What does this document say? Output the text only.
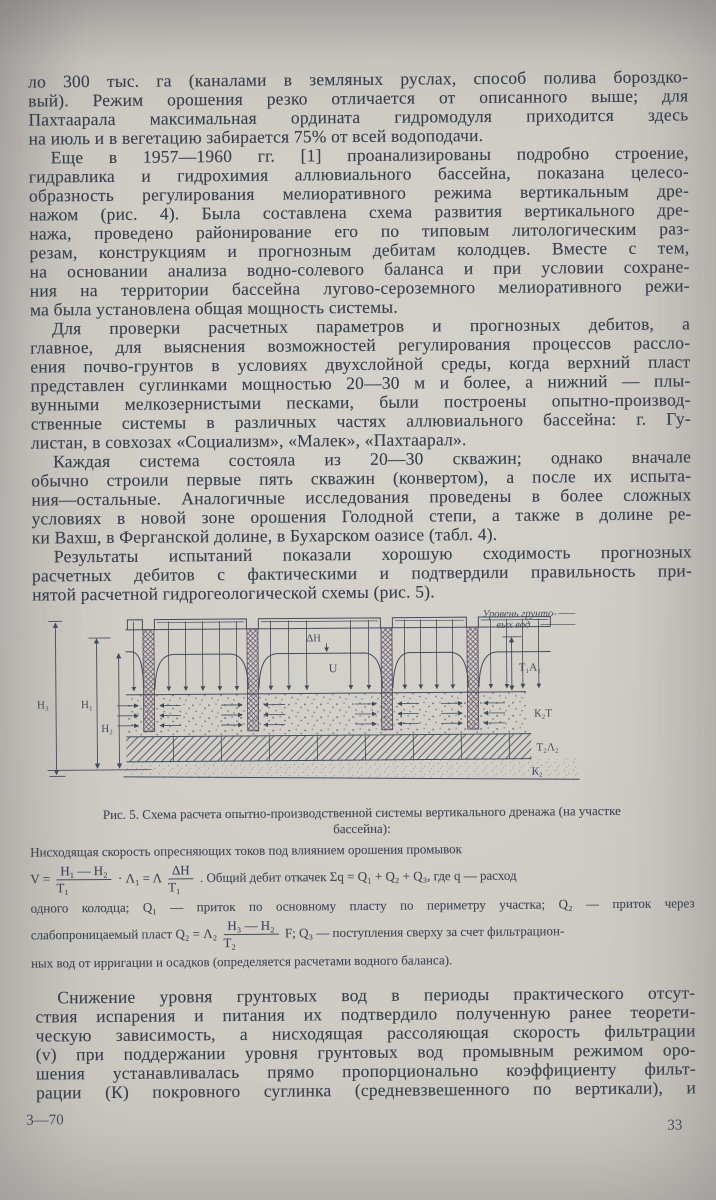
ло 300 тыс. га (каналами в земляных руслах, способ полива бороздко-
вый). Режим орошения резко отличается от описанного выше; для
Пахтаарала максимальная ордината гидромодуля приходится здесь
на июль и в вегетацию забирается 75% от всей водоподачи.
Еще в 1957—1960 гг. [1] проанализированы подробно строение,
гидравлика и гидрохимия аллювиального бассейна, показана целесо-
образность регулирования мелиоративного режима вертикальным дре-
нажом (рис. 4). Была составлена схема развития вертикального дре-
нажа, проведено районирование его по типовым литологическим раз-
резам, конструкциям и прогнозным дебитам колодцев. Вместе с тем,
на основании анализа водно-солевого баланса и при условии сохране-
ния на территории бассейна лугово-сероземного мелиоративного режи-
ма была установлена общая мощность системы.
Для проверки расчетных параметров и прогнозных дебитов, а
главное, для выяснения возможностей регулирования процессов рассло-
ения почво-грунтов в условиях двухслойной среды, когда верхний пласт
представлен суглинками мощностью 20—30 м и более, а нижний — плы-
вунными мелкозернистыми песками, были построены опытно-производ-
ственные системы в различных частях аллювиального бассейна: г. Гу-
листан, в совхозах «Социализм», «Малек», «Пахтаарал».
Каждая система состояла из 20—30 скважин; однако вначале
обычно строили первые пять скважин (конвертом), а после их испыта-
ния—остальные. Аналогичные исследования проведены в более сложных
условиях в новой зоне орошения Голодной степи, а также в долине ре-
ки Вахш, в Ферганской долине, в Бухарском оазисе (табл. 4).
Результаты испытаний показали хорошую сходимость прогнозных
расчетных дебитов с фактическими и подтвердили правильность при-
нятой расчетной гидрогеологической схемы (рис. 5).
Н₃	Н₁
Н₂
ΔН
U
Уровень грунто-
вых вод
Т₁А₁
К₂Т
Т₂Λ₂
К₂
Рис. 5. Схема расчета опытно-производственной системы вертикального дренажа (на участке
бассейна):
Нисходящая скорость опресняющих токов под влиянием орошения промывок
$V = \frac{\text{Н₁ — Н₂}}{\text{Т₁}} \cdot \Lambda_1 = \Lambda \frac{\Delta Н}{\text{Т₁}}$ . Общий дебит откачек Σq = Q₁ + Q₂ + Q₃, где q — расход
одного колодца; Q₁ — приток по основному пласту по периметру участка; Q₂ — приток через
слабопроницаемый пласт $Q_2 = \Lambda_2 \frac{\text{Н₃ — Н₂}}{\text{Т₂}} F$; Q₃ — поступления сверху за счет фильтрацион-
ных вод от ирригации и осадков (определяется расчетами водного баланса).
Снижение уровня грунтовых вод в периоды практического отсут-
ствия испарения и питания их подтвердило полученную ранее теорети-
ческую зависимость, а нисходящая рассоляющая скорость фильтрации
(v) при поддержании уровня грунтовых вод промывным режимом оро-
шения устанавливалась прямо пропорционально коэффициенту фильт-
рации (К) покровного суглинка (средневзвешенного по вертикали), и
3—70	33
